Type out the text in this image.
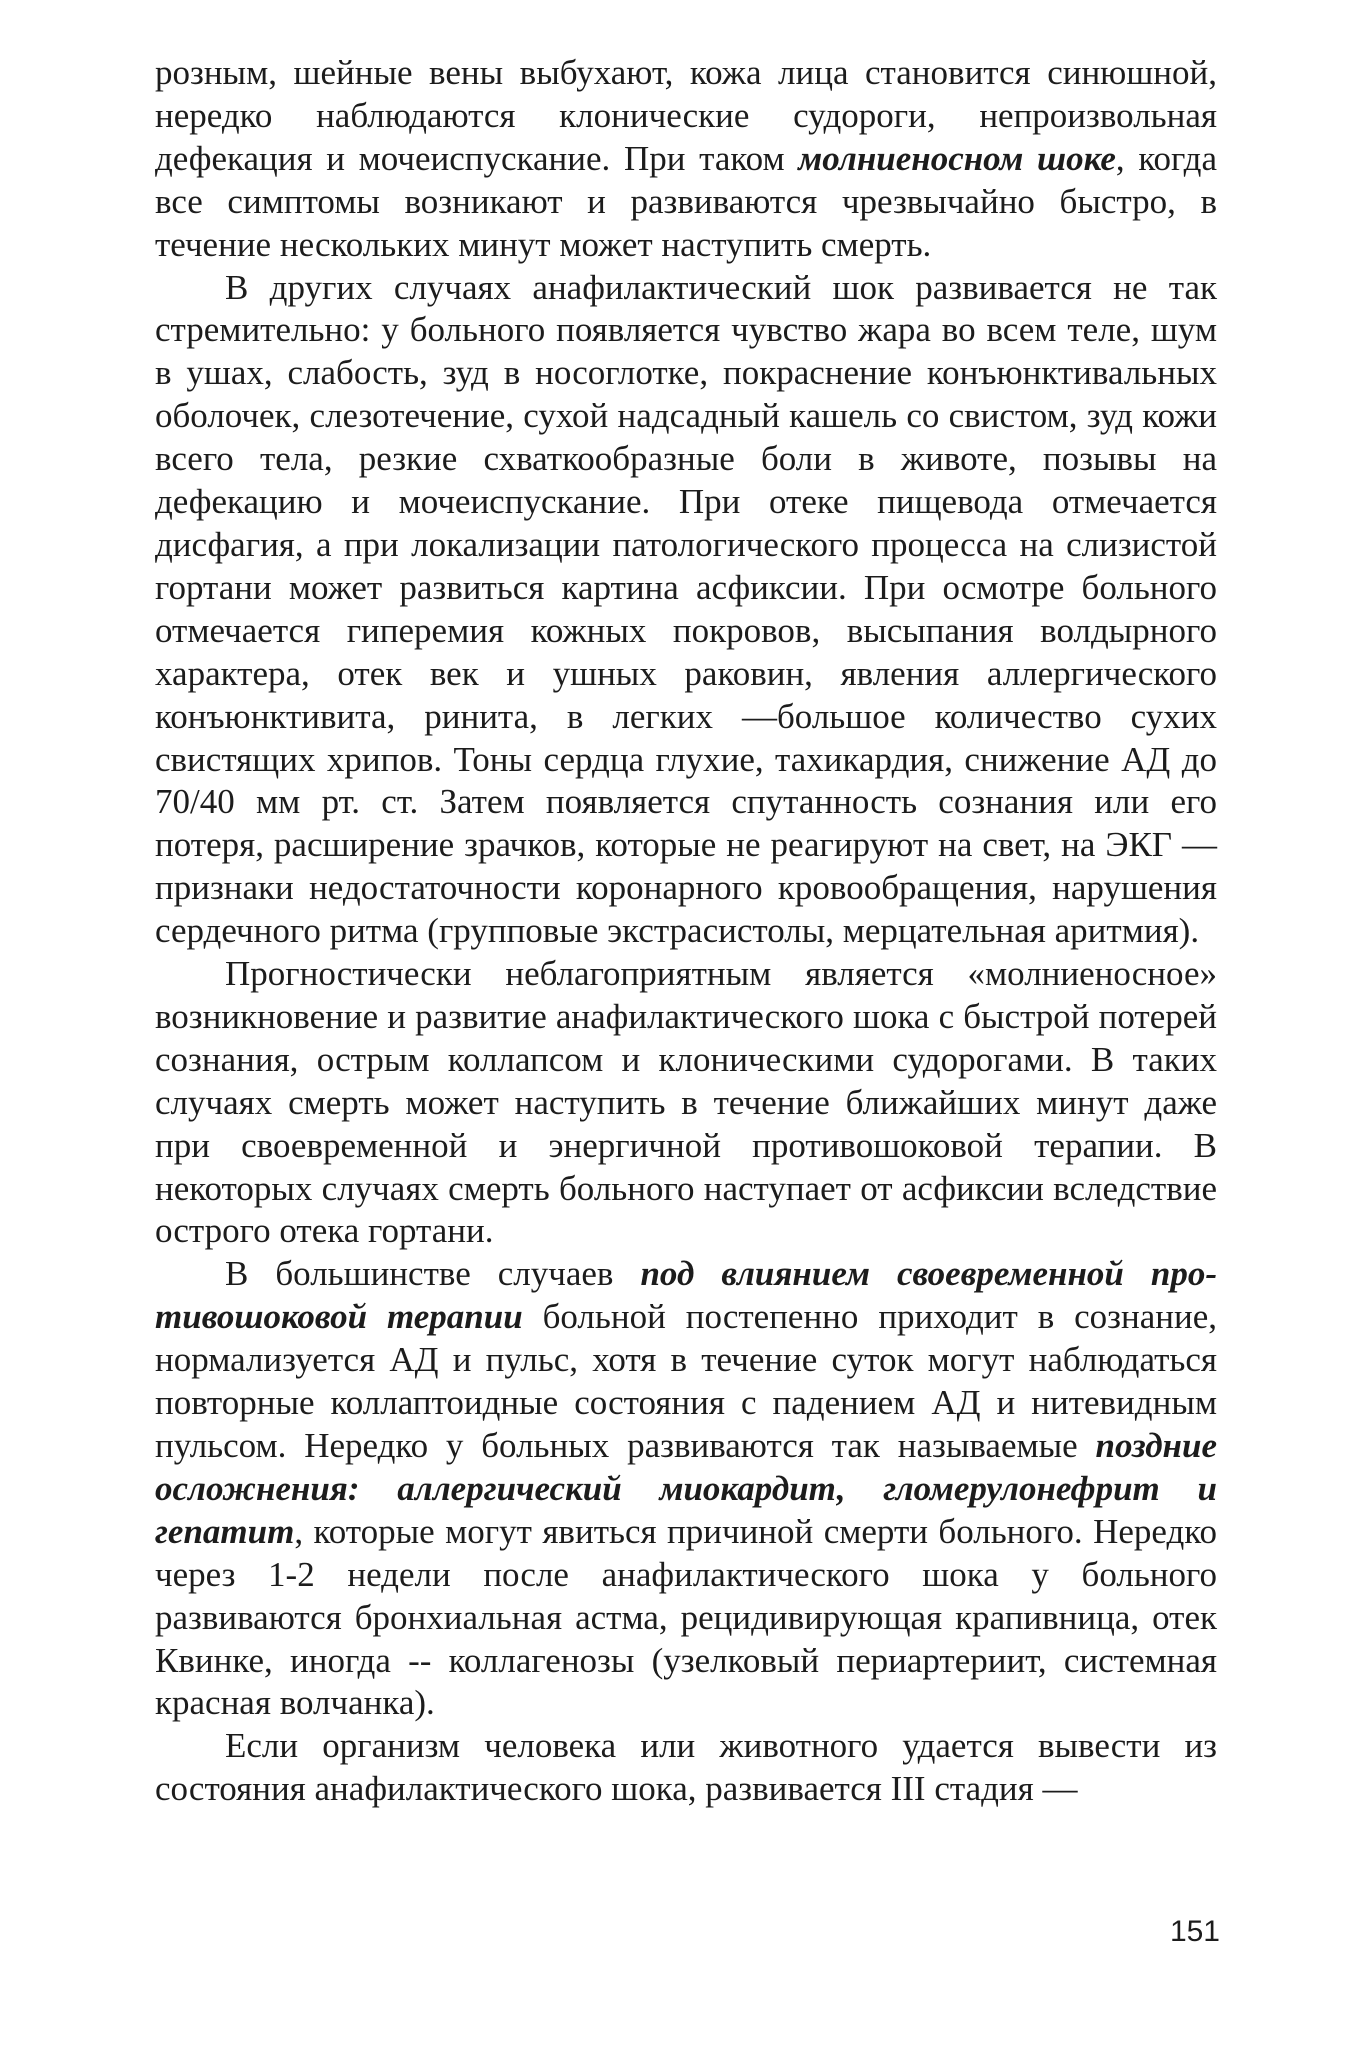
розным, шейные вены выбухают, кожа лица становится синюшной, нередко наблюдаются клонические судороги, непроизвольная дефекация и мочеиспускание. При таком молниеносном шоке, когда все симптомы возникают и развиваются чрезвычайно быстро, в течение нескольких минут может наступить смерть.

В других случаях анафилактический шок развивается не так стремительно: у больного появляется чувство жара во всем теле, шум в ушах, слабость, зуд в носоглотке, покраснение конъюнктивальных оболочек, слезотечение, сухой надсадный кашель со свистом, зуд кожи всего тела, резкие схваткообразные боли в животе, позывы на дефекацию и мочеиспускание. При отеке пищевода отмечается дисфагия, а при локализации патологического процесса на слизистой гортани может развиться картина асфиксии. При осмотре больного отмечается гиперемия кожных покровов, высыпания волдырного характера, отек век и ушных раковин, явления аллергического конъюнктивита, ринита, в легких —большое количество сухих свистящих хрипов. Тоны сердца глухие, тахикардия, снижение АД до 70/40 мм рт. ст. Затем появляется спутанность сознания или его потеря, расширение зрачков, которые не реагируют на свет, на ЭКГ —признаки недостаточности коронарного кровообращения, нарушения сердечного ритма (групповые экстрасистолы, мерцательная аритмия).

Прогностически неблагоприятным является «молниеносное» возникновение и развитие анафилактического шока с быстрой потерей сознания, острым коллапсом и клоническими судорогами. В таких случаях смерть может наступить в течение ближайших минут даже при своевременной и энергичной противошоковой терапии. В некоторых случаях смерть больного наступает от асфиксии вследствие острого отека гортани.

В большинстве случаев под влиянием своевременной противошоковой терапии больной постепенно приходит в сознание, нормализуется АД и пульс, хотя в течение суток могут наблюдаться повторные коллаптоидные состояния с падением АД и нитевидным пульсом. Нередко у больных развиваются так называемые поздние осложнения: аллергический миокардит, гломерулонефрит и гепатит, которые могут явиться причиной смерти больного. Нередко через 1-2 недели после анафилактического шока у больного развиваются бронхиальная астма, рецидивирующая крапивница, отек Квинке, иногда -- коллагенозы (узелковый периартериит, системная красная волчанка).

Если организм человека или животного удается вывести из состояния анафилактического шока, развивается III стадия —

151
